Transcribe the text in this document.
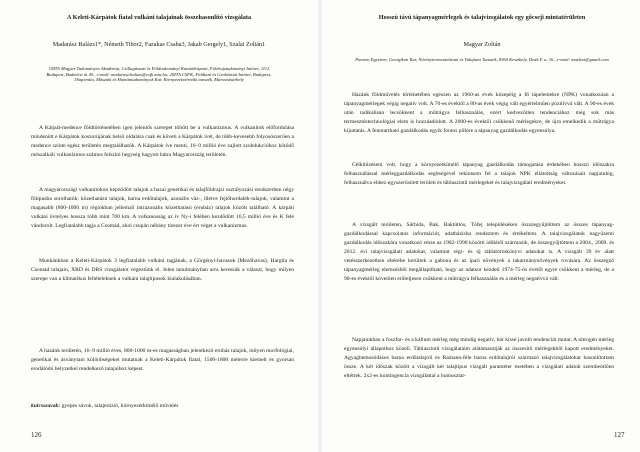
A Keleti-Kárpátok fiatal vulkáni talajainak összehasonlító vizsgálata

Madarász Balázs1*, Németh Tibor2, Fazakas Csaba3, Jakab Gergely1, Szalai Zoltán1
1MTA Magyar Tudományos Akadémia, Csillagászati és Földtudományi Kutatóközpont, Földrajztudományi Intézet, 1112 Budapest, Budaörsi út 45., e-mail: madarasz.balazs@csfk.mta.hu; 2MTA CSFK, Földtani és Geokémiai Intézet, Budapest; 3Sapientia, Műszaki és Humántudományok Kar, Környezetmérnöki tanszék, Marosvásárhely

A Kárpát-medence földtörténetében igen jelentős szerepet töltött be a vulkanizmus. A vulkanitok előfordulása mindenütt e Kárpátok koszorújának belső oldalára csak és követi a Kárpátok ívét, de több-kevesebb folyosószerűen a medence szinte egész területén megtalálhatók. A Kárpátok íve menti, 16–9 millió éve zajlott szubdukcióhoz kötődő mészalkáli vulkanizmus számos felszíni hegység hagyott hátra Magyarország területén.

A magyarországi vulkanitokon képződött talajok a hazai genetikai és talajföldrajzi osztályozási rendszerben négy főtípusba sorolhatók: kőzethatású talajok, barna erdőtalajok, azonális váz-, illetve fejtőhordalék-talajok, valamint a magasabb (800-1000 m) régiókban jellemző intrazonális közethatású (erubáz) talajok között található. A kárpáti vulkáni övtelyes hossza több mint 700 km. A vulkanosság az ív Ny-i felében kezdődött 16,5 millió éve és K felé vándorolt. Legfiatalabb tagja a Csomád, ahol csupán néhány tízezer éve ért véget a vulkanizmus.

Munkánkban a Keleti-Kárpátok 3 legfiatalabb vulkáni tagjának, a Görgényi-havasok (Mezőhavas), Hargita és Csomád talajain, XRD és DRS vizsgálatot végeztünk el. Jelen tanulmányban arra keressük a választ, hogy milyen szerepe van a klimatikus feltételeknek a vulkáni talajtípusok kialakulásában.

A hazánk területén, 16–9 millió éves, 800-1000 m-es magasságban jelentkező erubáz talajok, milyen morfológiai, genetikai és ásványtani különbségeket mutatnak a Keleti-Kárpátok fiatal, 1500-1800 méterre kiemelt és gyorsan erodálódó helyzetkel rendelkező talajaihoz képest.

kulcsszavak: gyepes sávok, talajerózió, környezetkímélő művelés
126

Hosszú távú tápanyagmérlegek és talajvizsgálatok egy gőcseji mintatérületen

Magyar Zoltán
Pannon Egyetem, Georgikon Kar, Növénytermesztéstani és Talajtani Tanszék, 8360 Keszthely, Deák F. u. 16., e-mail: mazlzot@gmail.com

Hazánk földművelés történetében egészen az 1960-as évek közepéig a fő tápelemekre (NPK) vonatkozóan a tápanyagmérlegek végig negatív volt. A 70-es évektől a 80-as évek végig vált egyértelműen pozitívvá vált. A 90-es évek után radikálisan lecsökkent a műtrágya felhasználás, ezért kedvezőtlen tendenciához még sok más termesztéstechnológiai elem is hozzáadódott. A 2000-es évektől csökkenő mérlegekre, de újra emelkedik a műtrágya kijuttatás. A fenntartható gazdálkodás egyik fontos pillére a tápanyag gazdálkodás egyensúlya.

Célkitűzésem volt, hogy a környezetkímélő tápanyag gazdálkodás támogatása érdekében hosszú időszakra felhasználással mérleggazdálkodás segítségével tekintsem fel a talajok NPK ellátottság változásait napjainkig, felhasználva ehhez egyszerűsített területi és táblaszintű mérlegeket és talajvizsgálati eredményeket.

A vizsgált területen, Sárhida, Bak, Baktüttös, Tófej településeken öszszegyűjtöttem az összes tápanyag-gazdálkodással kapcsolatos információt, adatbázisba rendeztem és értékeltem. A talajvizsgálatok nagyüzemi gazdálkodás időszakára vonatkozó része az 1982-1990 közötti időkből származik, de összegyűjtöttem a 2004., 2009. és 2012. évi talajvizsgálati adatokat, valamint régi- és új táblatörzskönyvi adatokat is. A vizsgált 39 év alatt vetésszerkezetben eltérebe kerültek a gabona és az ipari növények a takarmánynövények rovására. Az összegző tápanyagmérleg elemzésből megállapítható, hogy az adatsor kezdeti 1974-75-ös évétől egyre csökkent a mérleg, de a 90-es évektől követően erőteljesen csökkent a műtrágya felhasználás és a mérleg negatívvá vált.

Napjainkban a foszfor- és a kálium mérleg még mindig negatív, bár kissé javuló tendenciát mutat. A nitrogén mérleg egyensúlyi állapothoz közeli. Táblaszintű vizsgálataim alátámasztják az összesítő mérlegekből kapott eredményeket. Agyagbemosódásos barna erdőtalajról és Ramann-féle barna erdőtalajról származó talajvizsgálatokat hasonlítottam össze. A két időszak között a vizsgált két talajtípus vizsgált paraméter esetében a vizsgálati adatok szembeötlően eltértek. 2x2-es kontingencia vizsgálattal a humusztar-

127
